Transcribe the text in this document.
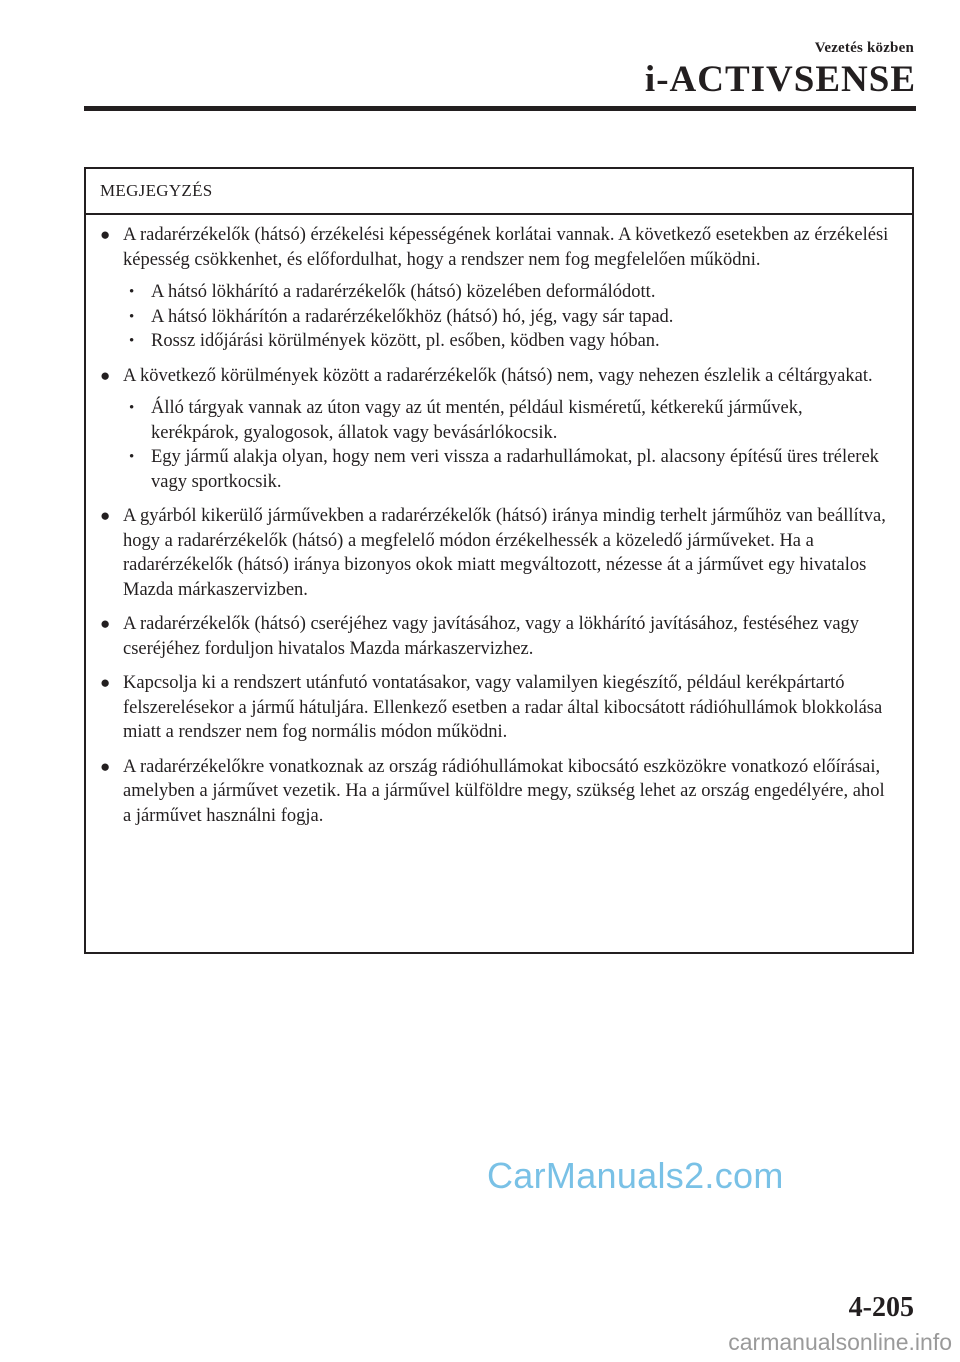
Vezetés közben
i-ACTIVSENSE
MEGJEGYZÉS
● A radarérzékelők (hátsó) érzékelési képességének korlátai vannak. A következő esetekben az érzékelési képesség csökkenhet, és előfordulhat, hogy a rendszer nem fog megfelelően működni.
• A hátsó lökhárító a radarérzékelők (hátsó) közelében deformálódott.
• A hátsó lökhárítón a radarérzékelőkhöz (hátsó) hó, jég, vagy sár tapad.
• Rossz időjárási körülmények között, pl. esőben, ködben vagy hóban.
● A következő körülmények között a radarérzékelők (hátsó) nem, vagy nehezen észlelik a céltárgyakat.
• Álló tárgyak vannak az úton vagy az út mentén, például kisméretű, kétkerekű járművek, kerékpárok, gyalogosok, állatok vagy bevásárlókocsik.
• Egy jármű alakja olyan, hogy nem veri vissza a radarhullámokat, pl. alacsony építésű üres trélerek vagy sportkocsik.
● A gyárból kikerülő járművekben a radarérzékelők (hátsó) iránya mindig terhelt járműhöz van beállítva, hogy a radarérzékelők (hátsó) a megfelelő módon érzékelhessék a közeledő járműveket. Ha a radarérzékelők (hátsó) iránya bizonyos okok miatt megváltozott, nézesse át a járművet egy hivatalos Mazda márkaszervizben.
● A radarérzékelők (hátsó) cseréjéhez vagy javításához, vagy a lökhárító javításához, festéséhez vagy cseréjéhez forduljon hivatalos Mazda márkaszervizhez.
● Kapcsolja ki a rendszert utánfutó vontatásakor, vagy valamilyen kiegészítő, például kerékpártartó felszerelésekor a jármű hátuljára. Ellenkező esetben a radar által kibocsátott rádióhullámok blokkolása miatt a rendszer nem fog normális módon működni.
● A radarérzékelőkre vonatkoznak az ország rádióhullámokat kibocsátó eszközökre vonatkozó előírásai, amelyben a járművet vezetik. Ha a járművel külföldre megy, szükség lehet az ország engedélyére, ahol a járművet használni fogja.
CarManuals2.com
4-205
carmanualsonline.info
